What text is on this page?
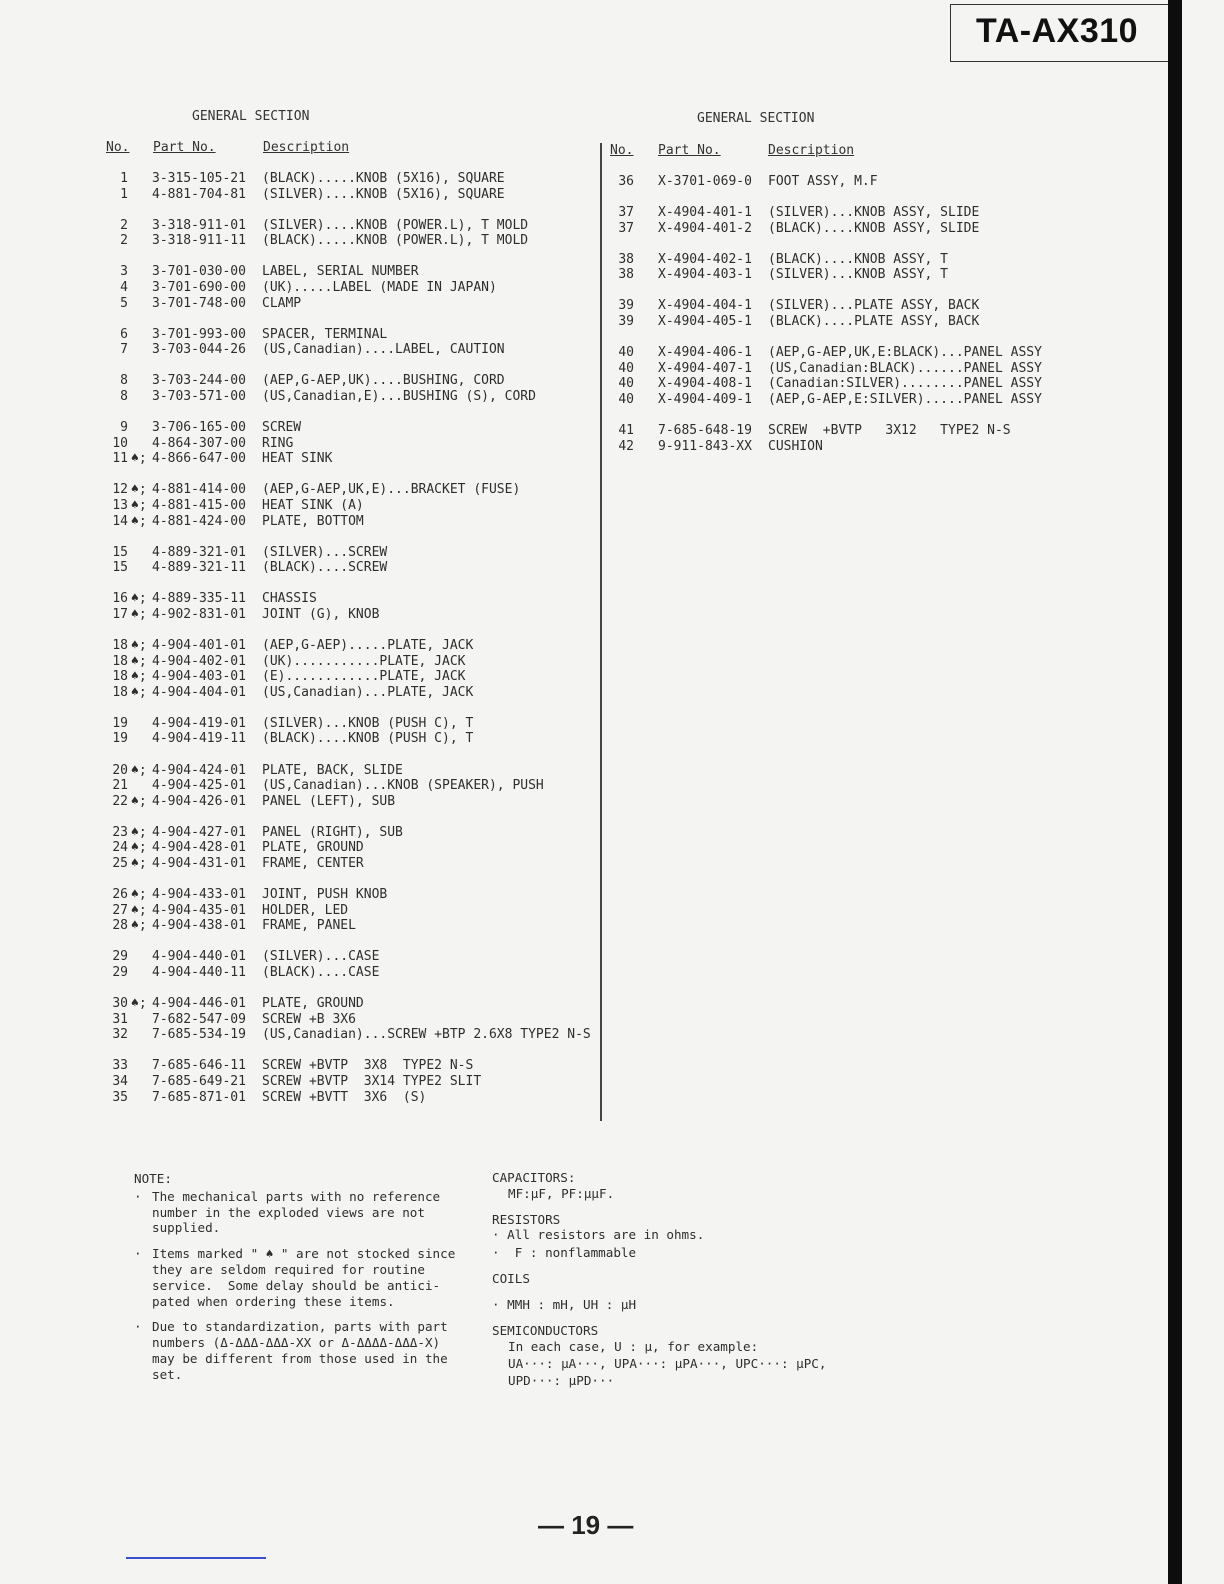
TA-AX310
GENERAL SECTION
No. Part No.	Description
1 3-315-105-21 (BLACK).....KNOB (5X16), SQUARE
1 4-881-704-81 (SILVER)....KNOB (5X16), SQUARE
2 3-318-911-01 (SILVER)....KNOB (POWER.L), T MOLD
2 3-318-911-11 (BLACK).....KNOB (POWER.L), T MOLD
3 3-701-030-00 LABEL, SERIAL NUMBER
4 3-701-690-00 (UK).....LABEL (MADE IN JAPAN)
5 3-701-748-00 CLAMP
6 3-701-993-00 SPACER, TERMINAL
7 3-703-044-26 (US,Canadian)....LABEL, CAUTION
8 3-703-244-00 (AEP,G-AEP,UK)....BUSHING, CORD
8 3-703-571-00 (US,Canadian,E)...BUSHING (S), CORD
9 3-706-165-00 SCREW
10 4-864-307-00 RING
11 ♠; 4-866-647-00 HEAT SINK
12 ♠; 4-881-414-00 (AEP,G-AEP,UK,E)...BRACKET (FUSE)
13 ♠; 4-881-415-00 HEAT SINK (A)
14 ♠; 4-881-424-00 PLATE, BOTTOM
15 4-889-321-01 (SILVER)...SCREW
15 4-889-321-11 (BLACK)....SCREW
16 ♠; 4-889-335-11 CHASSIS
17 ♠; 4-902-831-01 JOINT (G), KNOB
18 ♠; 4-904-401-01 (AEP,G-AEP).....PLATE, JACK
18 ♠; 4-904-402-01 (UK)...........PLATE, JACK
18 ♠; 4-904-403-01 (E)............PLATE, JACK
18 ♠; 4-904-404-01 (US,Canadian)...PLATE, JACK
19 4-904-419-01 (SILVER)...KNOB (PUSH C), T
19 4-904-419-11 (BLACK)....KNOB (PUSH C), T
20 ♠; 4-904-424-01 PLATE, BACK, SLIDE
21 4-904-425-01 (US,Canadian)...KNOB (SPEAKER), PUSH
22 ♠; 4-904-426-01 PANEL (LEFT), SUB
23 ♠; 4-904-427-01 PANEL (RIGHT), SUB
24 ♠; 4-904-428-01 PLATE, GROUND
25 ♠; 4-904-431-01 FRAME, CENTER
26 ♠; 4-904-433-01 JOINT, PUSH KNOB
27 ♠; 4-904-435-01 HOLDER, LED
28 ♠; 4-904-438-01 FRAME, PANEL
29 4-904-440-01 (SILVER)...CASE
29 4-904-440-11 (BLACK)....CASE
30 ♠; 4-904-446-01 PLATE, GROUND
31 7-682-547-09 SCREW +B 3X6
32 7-685-534-19 (US,Canadian)...SCREW +BTP 2.6X8 TYPE2 N-S
33 7-685-646-11 SCREW +BVTP  3X8  TYPE2 N-S
34 7-685-649-21 SCREW +BVTP  3X14 TYPE2 SLIT
35 7-685-871-01 SCREW +BVTT  3X6  (S)
GENERAL SECTION
No. Part No.	Description
36 X-3701-069-0 FOOT ASSY, M.F
37 X-4904-401-1 (SILVER)...KNOB ASSY, SLIDE
37 X-4904-401-2 (BLACK)....KNOB ASSY, SLIDE
38 X-4904-402-1 (BLACK)....KNOB ASSY, T
38 X-4904-403-1 (SILVER)...KNOB ASSY, T
39 X-4904-404-1 (SILVER)...PLATE ASSY, BACK
39 X-4904-405-1 (BLACK)....PLATE ASSY, BACK
40 X-4904-406-1 (AEP,G-AEP,UK,E:BLACK)...PANEL ASSY
40 X-4904-407-1 (US,Canadian:BLACK)......PANEL ASSY
40 X-4904-408-1 (Canadian:SILVER)........PANEL ASSY
40 X-4904-409-1 (AEP,G-AEP,E:SILVER).....PANEL ASSY
41 7-685-648-19 SCREW  +BVTP   3X12   TYPE2 N-S
42 9-911-843-XX CUSHION
NOTE:
· The mechanical parts with no reference
number in the exploded views are not
supplied.
· Items marked " ♠ " are not stocked since
they are seldom required for routine
service.  Some delay should be antici-
pated when ordering these items.
· Due to standardization, parts with part
numbers (Δ-ΔΔΔ-ΔΔΔ-XX or Δ-ΔΔΔΔ-ΔΔΔ-X)
may be different from those used in the
set.
CAPACITORS:
MF:μF, PF:μμF.
RESISTORS
· All resistors are in ohms.
·  F : nonflammable
COILS
· MMH : mH, UH : μH
SEMICONDUCTORS
In each case, U : μ, for example:
UA···: μA···, UPA···: μPA···, UPC···: μPC,
UPD···: μPD···
— 19 —
